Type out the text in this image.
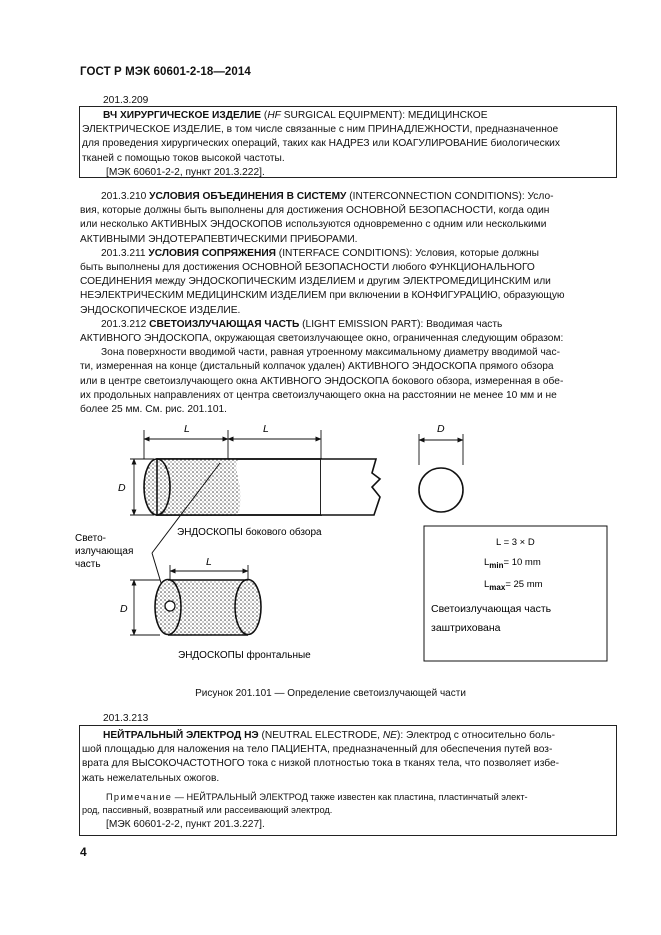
ГОСТ Р МЭК 60601-2-18—2014
201.3.209
ВЧ ХИРУРГИЧЕСКОЕ ИЗДЕЛИЕ (HF SURGICAL EQUIPMENT): МЕДИЦИНСКОЕ
ЭЛЕКТРИЧЕСКОЕ ИЗДЕЛИЕ, в том числе связанные с ним ПРИНАДЛЕЖНОСТИ, предназначенное
для проведения хирургических операций, таких как НАДРЕЗ или КОАГУЛИРОВАНИЕ биологических
тканей с помощью токов высокой частоты.
[МЭК 60601-2-2, пункт 201.3.222].
201.3.210 УСЛОВИЯ ОБЪЕДИНЕНИЯ В СИСТЕМУ (INTERCONNECTION CONDITIONS): Усло-
вия, которые должны быть выполнены для достижения ОСНОВНОЙ БЕЗОПАСНОСТИ, когда один
или несколько АКТИВНЫХ ЭНДОСКОПОВ используются одновременно с одним или несколькими
АКТИВНЫМИ ЭНДОТЕРАПЕВТИЧЕСКИМИ ПРИБОРАМИ.
201.3.211 УСЛОВИЯ СОПРЯЖЕНИЯ (INTERFACE CONDITIONS): Условия, которые должны
быть выполнены для достижения ОСНОВНОЙ БЕЗОПАСНОСТИ любого ФУНКЦИОНАЛЬНОГО
СОЕДИНЕНИЯ между ЭНДОСКОПИЧЕСКИМ ИЗДЕЛИЕМ и другим ЭЛЕКТРОМЕДИЦИНСКИМ или
НЕЭЛЕКТРИЧЕСКИМ МЕДИЦИНСКИМ ИЗДЕЛИЕМ при включении в КОНФИГУРАЦИЮ, образующую
ЭНДОСКОПИЧЕСКОЕ ИЗДЕЛИЕ.
201.3.212 СВЕТОИЗЛУЧАЮЩАЯ ЧАСТЬ (LIGHT EMISSION PART): Вводимая часть
АКТИВНОГО ЭНДОСКОПА, окружающая светоизлучающее окно, ограниченная следующим образом:
Зона поверхности вводимой части, равная утроенному максимальному диаметру вводимой час-
ти, измеренная на конце (дистальный колпачок удален) АКТИВНОГО ЭНДОСКОПА прямого обзора
или в центре светоизлучающего окна АКТИВНОГО ЭНДОСКОПА бокового обзора, измеренная в обе-
их продольных направлениях от центра светоизлучающего окна на расстоянии не менее 10 мм и не
более 25 мм. См. рис. 201.101.
L	L
D
ЭНДОСКОПЫ бокового обзора
D
Свето-
излучающая
часть	L
D
ЭНДОСКОПЫ фронтальные
L = 3 × D
$L_{min}= 10$ mm
$L_{max}= 25$ mm
Светоизлучающая часть
заштрихована
Рисунок 201.101 — Определение светоизлучающей части
201.3.213
НЕЙТРАЛЬНЫЙ ЭЛЕКТРОД НЭ (NEUTRAL ELECTRODE, NE): Электрод с относительно боль-
шой площадью для наложения на тело ПАЦИЕНТА, предназначенный для обеспечения путей воз-
врата для ВЫСОКОЧАСТОТНОГО тока с низкой плотностью тока в тканях тела, что позволяет избе-
жать нежелательных ожогов.
Примечание — НЕЙТРАЛЬНЫЙ ЭЛЕКТРОД также известен как пластина, пластинчатый элект-
род, пассивный, возвратный или рассеивающий электрод.
[МЭК 60601-2-2, пункт 201.3.227].
4
